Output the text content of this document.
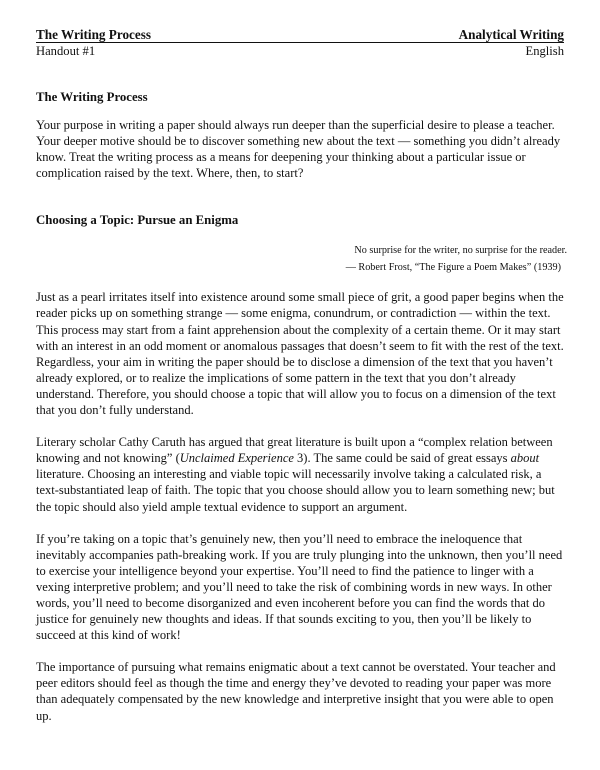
The Writing Process	Analytical Writing
Handout #1	English

The Writing Process

Your purpose in writing a paper should always run deeper than the superficial desire to please a teacher. Your deeper motive should be to discover something new about the text — something you didn’t already know. Treat the writing process as a means for deepening your thinking about a particular issue or complication raised by the text. Where, then, to start?

Choosing a Topic: Pursue an Enigma

No surprise for the writer, no surprise for the reader.
— Robert Frost, “The Figure a Poem Makes” (1939)

Just as a pearl irritates itself into existence around some small piece of grit, a good paper begins when the reader picks up on something strange — some enigma, conundrum, or contradiction — within the text. This process may start from a faint apprehension about the complexity of a certain theme. Or it may start with an interest in an odd moment or anomalous passages that doesn’t seem to fit with the rest of the text. Regardless, your aim in writing the paper should be to disclose a dimension of the text that you haven’t already explored, or to realize the implications of some pattern in the text that you don’t already understand. Therefore, you should choose a topic that will allow you to focus on a dimension of the text that you don’t fully understand.

Literary scholar Cathy Caruth has argued that great literature is built upon a “complex relation between knowing and not knowing” (Unclaimed Experience 3). The same could be said of great essays about literature. Choosing an interesting and viable topic will necessarily involve taking a calculated risk, a text-substantiated leap of faith. The topic that you choose should allow you to learn something new; but the topic should also yield ample textual evidence to support an argument.

If you’re taking on a topic that’s genuinely new, then you’ll need to embrace the ineloquence that inevitably accompanies path-breaking work. If you are truly plunging into the unknown, then you’ll need to exercise your intelligence beyond your expertise. You’ll need to find the patience to linger with a vexing interpretive problem; and you’ll need to take the risk of combining words in new ways. In other words, you’ll need to become disorganized and even incoherent before you can find the words that do justice for genuinely new thoughts and ideas. If that sounds exciting to you, then you’ll be likely to succeed at this kind of work!

The importance of pursuing what remains enigmatic about a text cannot be overstated. Your teacher and peer editors should feel as though the time and energy they’ve devoted to reading your paper was more than adequately compensated by the new knowledge and interpretive insight that you were able to open up.
